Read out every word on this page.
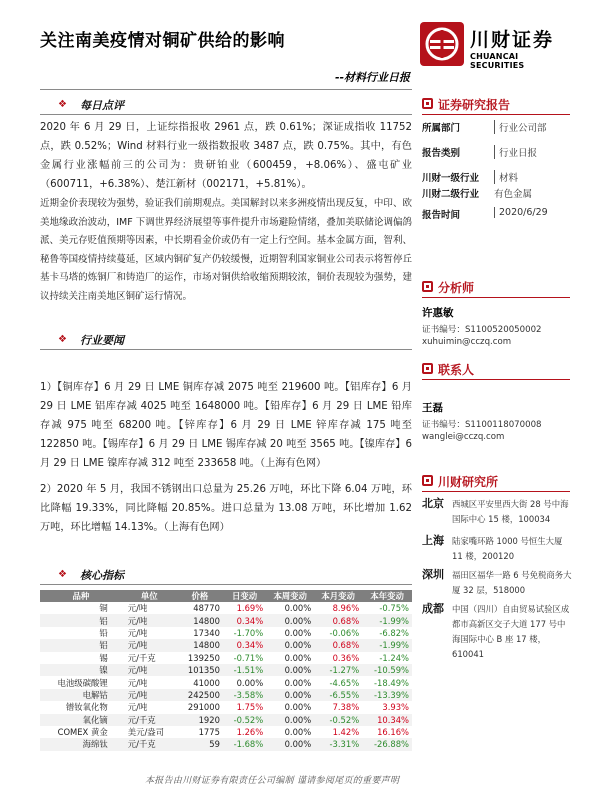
关注南美疫情对铜矿供给的影响
--材料行业日报
川财证券
CHUANCAI SECURITIES
❖ 每日点评
2020 年 6 月 29 日，上证综指报收 2961 点，跌 0.61%；深证成指收 11752 点，跌 0.52%；Wind 材料行业一级指数报收 3487 点，跌 0.75%。其中，有色金属行业涨幅前三的公司为：贵研铂业（600459，+8.06%）、盛屯矿业（600711，+6.38%）、楚江新材（002171，+5.81%）。
近期金价表现较为强势，验证我们前期观点。美国解封以来多洲疫情出现反复，中印、欧美地缘政治波动，IMF 下调世界经济展望等事件提升市场避险情绪，叠加美联储论调偏鸽派、美元存贬值预期等因素，中长期看金价或仍有一定上行空间。基本金属方面，智利、秘鲁等国疫情持续蔓延，区域内铜矿复产仍较缓慢，近期智利国家铜业公司表示将暂停丘基卡马塔的炼铜厂和铸造厂的运作，市场对铜供给收缩预期较浓，铜价表现较为强势，建议持续关注南美地区铜矿运行情况。
❖ 行业要闻
1）【铜库存】6 月 29 日 LME 铜库存减 2075 吨至 219600 吨。【铝库存】6 月 29 日 LME 铝库存减 4025 吨至 1648000 吨。【铅库存】6 月 29 日 LME 铅库存减 975 吨至 68200 吨。【锌库存】6 月 29 日 LME 锌库存减 175 吨至 122850 吨。【锡库存】6 月 29 日 LME 锡库存减 20 吨至 3565 吨。【镍库存】6 月 29 日 LME 镍库存减 312 吨至 233658 吨。（上海有色网）
2）2020 年 5 月，我国不锈钢出口总量为 25.26 万吨，环比下降 6.04 万吨，环比降幅 19.33%，同比降幅 20.85%。进口总量为 13.08 万吨，环比增加 1.62 万吨，环比增幅 14.13%。（上海有色网）
❖ 核心指标
品种	单位	价格	日变动	本周变动	本月变动	本年变动
铜	元/吨	48770	1.69%	0.00%	8.96%	-0.75%
铝	元/吨	14800	0.34%	0.00%	0.68%	-1.99%
铅	元/吨	17340	-1.70%	0.00%	-0.06%	-6.82%
铝	元/吨	14800	0.34%	0.00%	0.68%	-1.99%
锡	元/千克	139250	-0.71%	0.00%	0.36%	-1.24%
镍	元/吨	101350	-1.51%	0.00%	-1.27%	-10.59%
电池级碳酸锂	元/吨	41000	0.00%	0.00%	-4.65%	-18.49%
电解钴	元/吨	242500	-3.58%	0.00%	-6.55%	-13.39%
镨钕氧化物	元/吨	291000	1.75%	0.00%	7.38%	3.93%
氧化镝	元/千克	1920	-0.52%	0.00%	-0.52%	10.34%
COMEX 黄金	美元/盎司	1775	1.26%	0.00%	1.42%	16.16%
海绵钛	元/千克	59	-1.68%	0.00%	-3.31%	-26.88%
本报告由川财证券有限责任公司编制 谨请参阅尾页的重要声明
证券研究报告
所属部门	行业公司部
报告类别	行业日报
川财一级行业	材料
川财二级行业 有色金属
报告时间	2020/6/29
分析师
许惠敏
证书编号：S1100520050002
xuhuimin@cczq.com
联系人
王磊
证书编号：S1100118070008
wanglei@cczq.com
川财研究所
北京 西城区平安里西大街 28 号中海国际中心 15 楼，100034
上海 陆家嘴环路 1000 号恒生大厦 11 楼，200120
深圳 福田区福华一路 6 号免税商务大厦 32 层，518000
成都 中国（四川）自由贸易试验区成都市高新区交子大道 177 号中海国际中心 B 座 17 楼，610041
